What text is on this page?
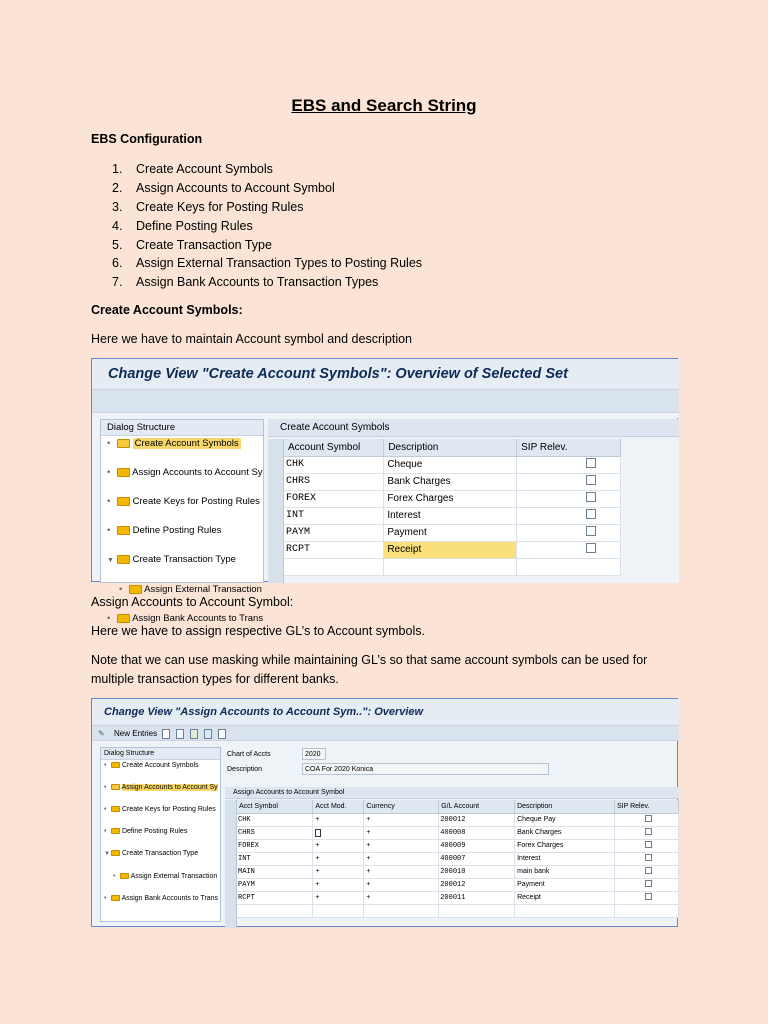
EBS and Search String
EBS Configuration
1. Create Account Symbols
2. Assign Accounts to Account Symbol
3. Create Keys for Posting Rules
4. Define Posting Rules
5. Create Transaction Type
6. Assign External Transaction Types to Posting Rules
7. Assign Bank Accounts to Transaction Types
Create Account Symbols:
Here we have to maintain Account symbol and description
Change View "Create Account Symbols": Overview of Selected Set
Dialog Structure
•	Create Account Symbols
• Assign Accounts to Account Sy
• Create Keys for Posting Rules
• Define Posting Rules
▼ Create Transaction Type
• Assign External Transaction
• Assign Bank Accounts to Trans
Create Account Symbols
Account Symbol	Description	SIP Relev.
CHK	Cheque	
CHRS	Bank Charges	
FOREX	Forex Charges	
INT	Interest	
PAYM	Payment	
RCPT	Receipt	

Assign Accounts to Account Symbol:
Here we have to assign respective GL’s to Account symbols.
Note that we can use masking while maintaining GL’s so that same account symbols can be used for
multiple transaction types for different banks.
Change View "Assign Accounts to Account Sym..": Overview
✎ New Entries
Dialog Structure
• Create Account Symbols
• Assign Accounts to Account Sy
• Create Keys for Posting Rules
• Define Posting Rules
▼ Create Transaction Type
• Assign External Transaction
• Assign Bank Accounts to Trans
Chart of Accts	2020
Description	COA For 2020 Konica
Assign Accounts to Account Symbol
Acct Symbol	Acct Mod.	Currency	G/L Account	Description	SIP Relev.
CHK	+	+	200012	Cheque Pay	
CHRS		+	400008	Bank Charges	
FOREX	+	+	400009	Forex Charges	
INT	+	+	400007	Interest	
MAIN	+	+	200010	main bank	
PAYM	+	+	200012	Payment	
RCPT	+	+	200011	Receipt	
